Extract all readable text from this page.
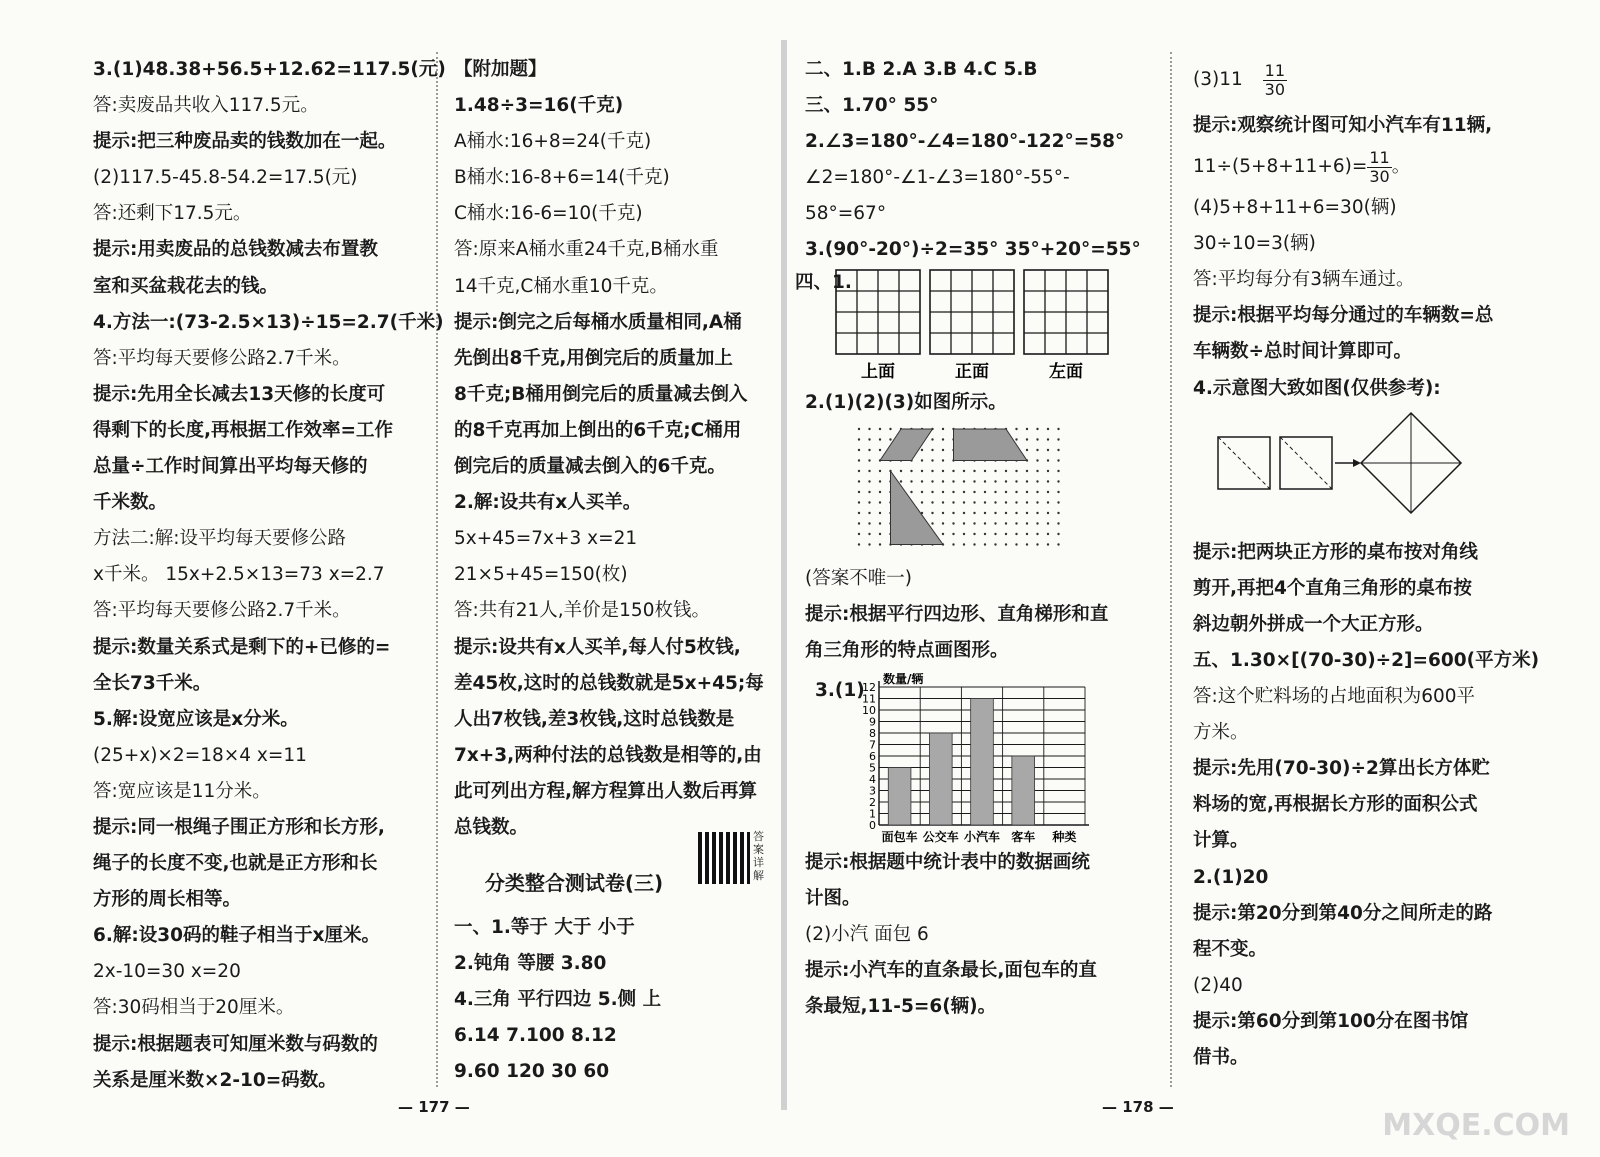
3.(1)48.38+56.5+12.62=117.5(元)
答:卖废品共收入117.5元。
提示:把三种废品卖的钱数加在一起。
(2)117.5-45.8-54.2=17.5(元)
答:还剩下17.5元。
提示:用卖废品的总钱数减去布置教
室和买盆栽花去的钱。
4.方法一:(73-2.5×13)÷15=2.7(千米)
答:平均每天要修公路2.7千米。
提示:先用全长减去13天修的长度可
得剩下的长度,再根据工作效率=工作
总量÷工作时间算出平均每天修的
千米数。
方法二:解:设平均每天要修公路
x千米。 15x+2.5×13=73 x=2.7
答:平均每天要修公路2.7千米。
提示:数量关系式是剩下的+已修的=
全长73千米。
5.解:设宽应该是x分米。
(25+x)×2=18×4 x=11
答:宽应该是11分米。
提示:同一根绳子围正方形和长方形,
绳子的长度不变,也就是正方形和长
方形的周长相等。
6.解:设30码的鞋子相当于x厘米。
2x-10=30 x=20
答:30码相当于20厘米。
提示:根据题表可知厘米数与码数的
关系是厘米数×2-10=码数。
【附加题】
1.48÷3=16(千克)
A桶水:16+8=24(千克)
B桶水:16-8+6=14(千克)
C桶水:16-6=10(千克)
答:原来A桶水重24千克,B桶水重
14千克,C桶水重10千克。
提示:倒完之后每桶水质量相同,A桶
先倒出8千克,用倒完后的质量加上
8千克;B桶用倒完后的质量减去倒入
的8千克再加上倒出的6千克;C桶用
倒完后的质量减去倒入的6千克。
2.解:设共有x人买羊。
5x+45=7x+3 x=21
21×5+45=150(枚)
答:共有21人,羊价是150枚钱。
提示:设共有x人买羊,每人付5枚钱,
差45枚,这时的总钱数就是5x+45;每
人出7枚钱,差3枚钱,这时总钱数是
7x+3,两种付法的总钱数是相等的,由
此可列出方程,解方程算出人数后再算
总钱数。
分类整合测试卷(三)
一、1.等于 大于 小于
2.钝角 等腰 3.80
4.三角 平行四边 5.侧 上
6.14 7.100 8.12
9.60 120 30 60
答案详解
二、1.B 2.A 3.B 4.C 5.B
三、1.70° 55°
2.∠3=180°-∠4=180°-122°=58°
∠2=180°-∠1-∠3=180°-55°-
58°=67°
3.(90°-20°)÷2=35° 35°+20°=55°
四、1.
上面	正面	左面
2.(1)(2)(3)如图所示。
(答案不唯一)
提示:根据平行四边形、直角梯形和直
角三角形的特点画图形。
3.(1)
数量/辆
0
1
2
3
4
5
6
7
8
9
10
11
12
面包车 公交车 小汽车 客车 种类
提示:根据题中统计表中的数据画统
计图。
(2)小汽 面包 6
提示:小汽车的直条最长,面包车的直
条最短,11-5=6(辆)。
$(3)11 \frac{11}{30}$
提示:观察统计图可知小汽车有11辆,
$11\div(5+8+11+6)= \frac{11}{30}$ 。
(4)5+8+11+6=30(辆)
30÷10=3(辆)
答:平均每分有3辆车通过。
提示:根据平均每分通过的车辆数=总
车辆数÷总时间计算即可。
4.示意图大致如图(仅供参考):
提示:把两块正方形的桌布按对角线
剪开,再把4个直角三角形的桌布按
斜边朝外拼成一个大正方形。
五、1.30×[(70-30)÷2]=600(平方米)
答:这个贮料场的占地面积为600平
方米。
提示:先用(70-30)÷2算出长方体贮
料场的宽,再根据长方形的面积公式
计算。
2.(1)20
提示:第20分到第40分之间所走的路
程不变。
(2)40
提示:第60分到第100分在图书馆
借书。
— 177 —	— 178 —
MXQE.COM
